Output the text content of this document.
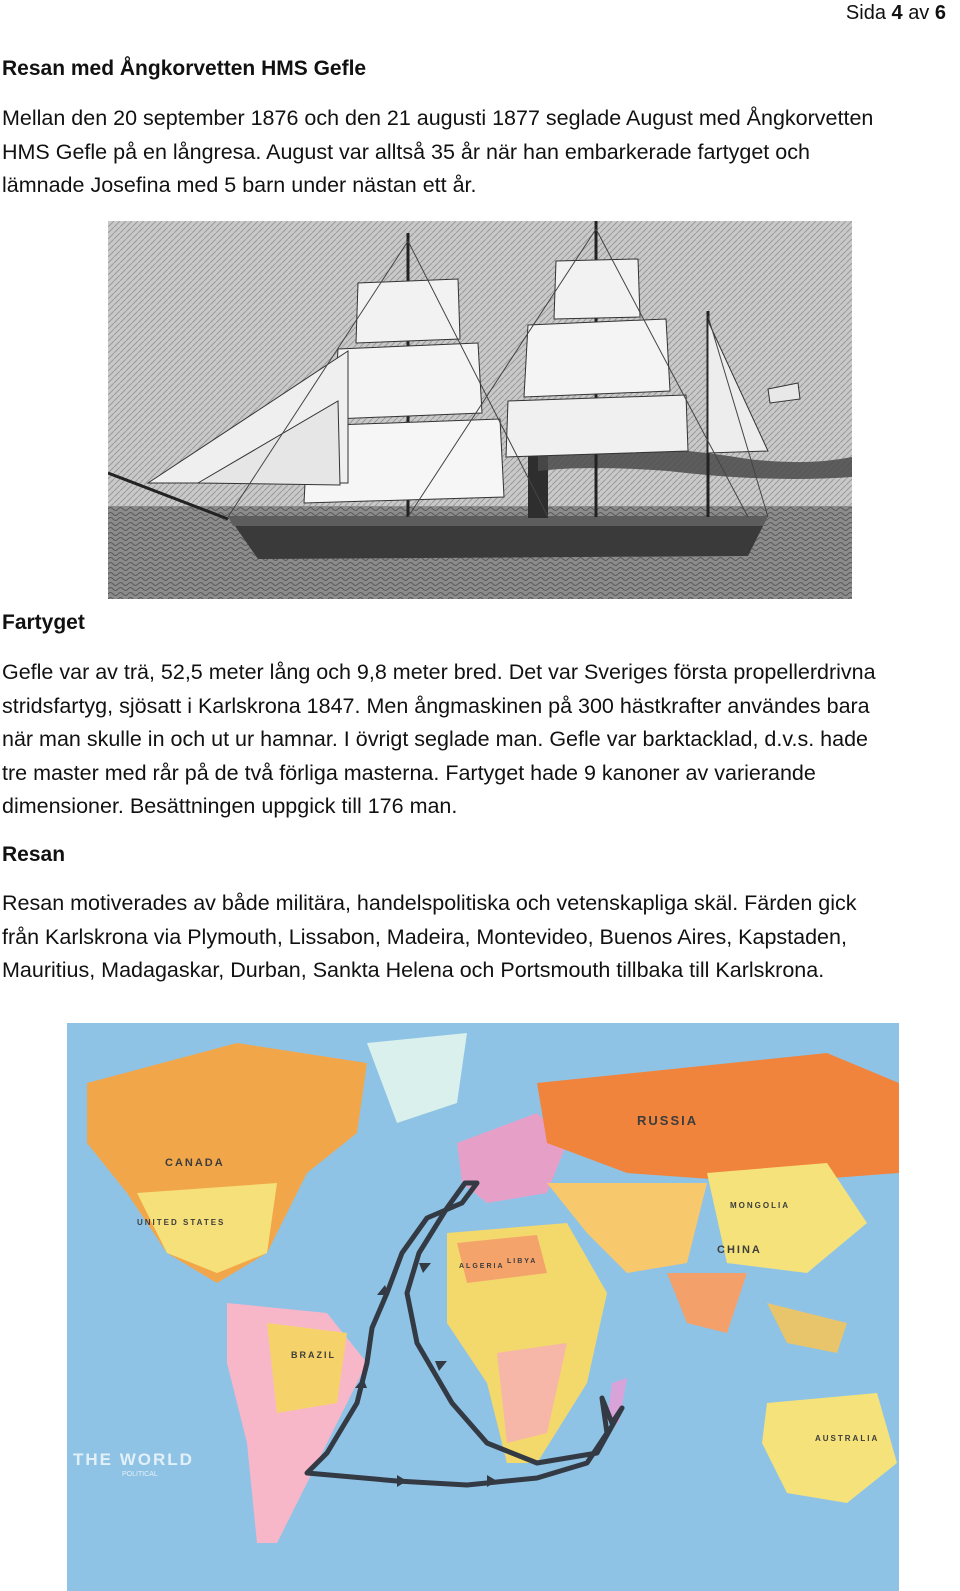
Sida 4 av 6
Resan med Ångkorvetten HMS Gefle

Mellan den 20 september 1876 och den 21 augusti 1877 seglade August med Ångkorvetten
HMS Gefle på en långresa. August var alltså 35 år när han embarkerade fartyget och
lämnade Josefina med 5 barn under nästan ett år.

Fartyget

Gefle var av trä, 52,5 meter lång och 9,8 meter bred. Det var Sveriges första propellerdrivna
stridsfartyg, sjösatt i Karlskrona 1847. Men ångmaskinen på 300 hästkrafter användes bara
när man skulle in och ut ur hamnar. I övrigt seglade man. Gefle var barktacklad, d.v.s. hade
tre master med rår på de två förliga masterna. Fartyget hade 9 kanoner av varierande
dimensioner. Besättningen uppgick till 176 man.

Resan

Resan motiverades av både militära, handelspolitiska och vetenskapliga skäl. Färden gick
från Karlskrona via Plymouth, Lissabon, Madeira, Montevideo, Buenos Aires, Kapstaden,
Mauritius, Madagaskar, Durban, Sankta Helena och Portsmouth tillbaka till Karlskrona.

CANADA
RUSSIA
MONGOLIA
CHINA
UNITED STATES
BRAZIL
AUSTRALIA
ALGERIA
LIBYA
THE WORLD
POLITICAL
